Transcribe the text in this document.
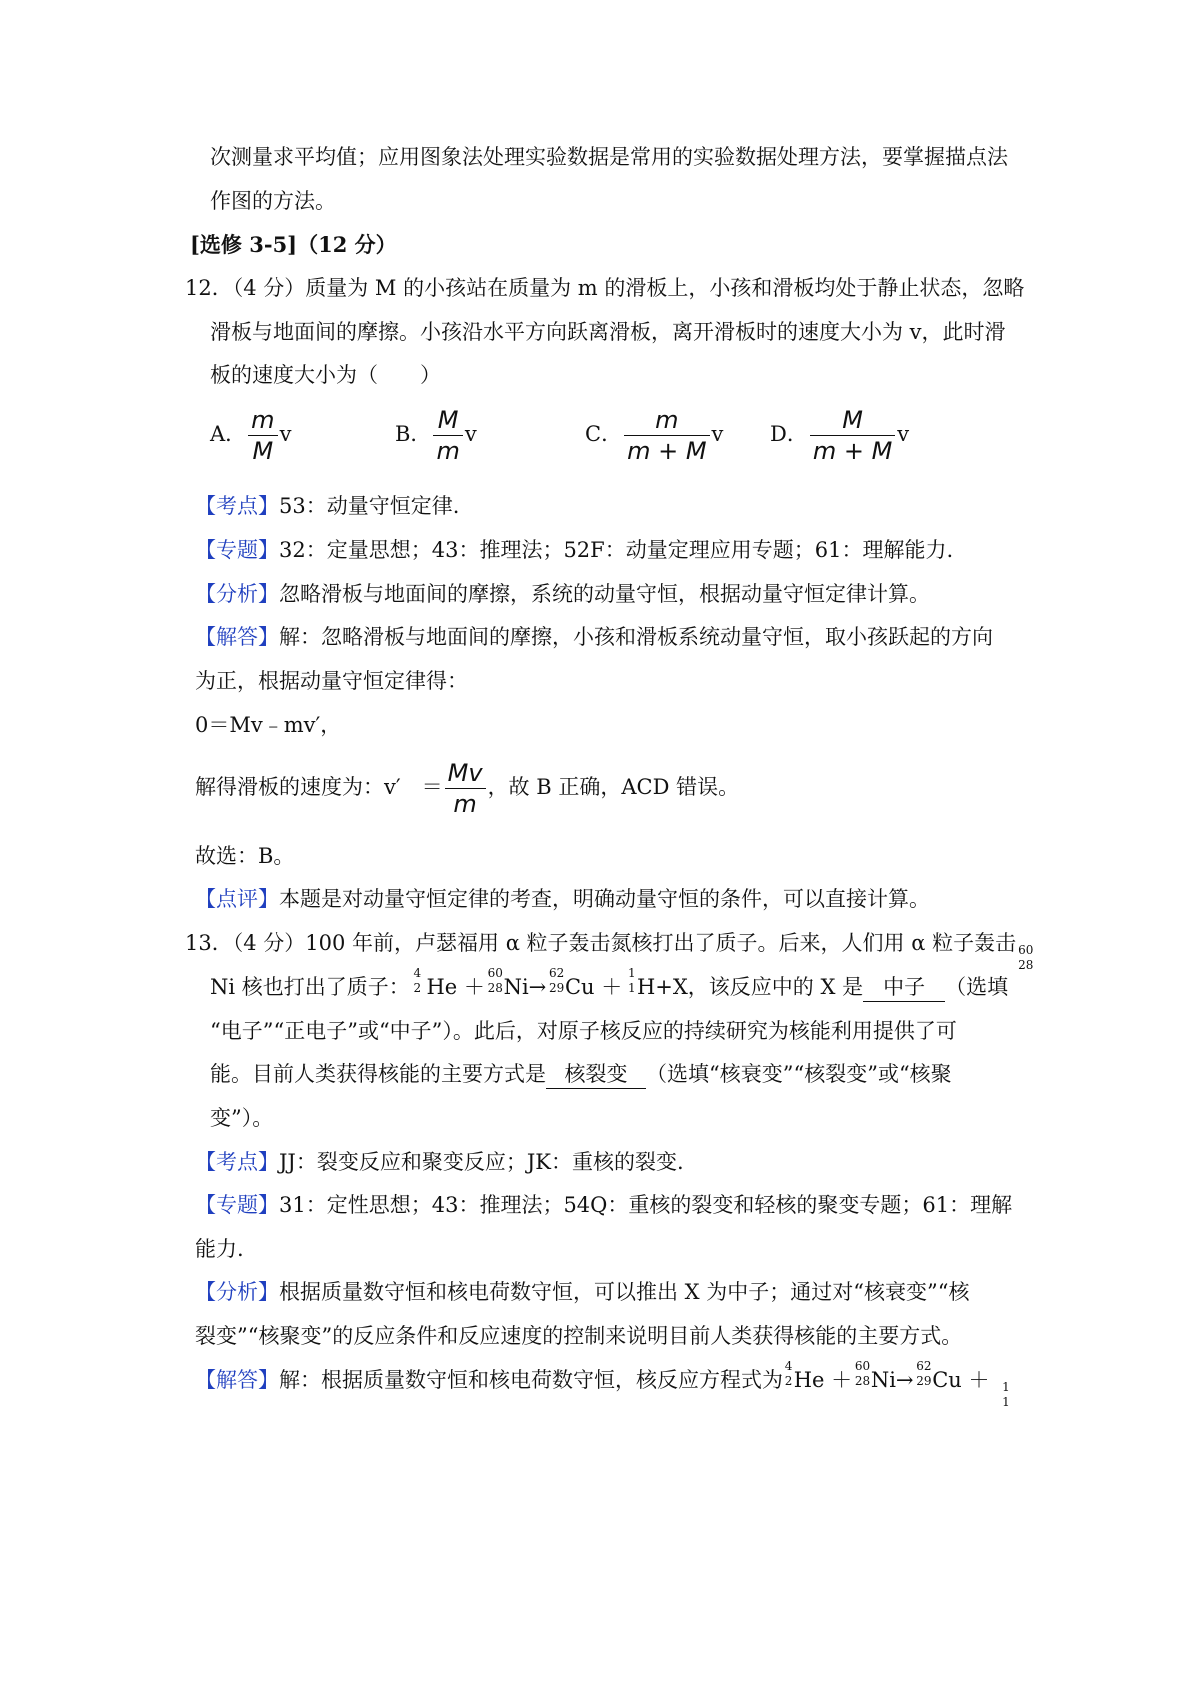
次测量求平均值；应用图象法处理实验数据是常用的实验数据处理方法，要掌握描点法
作图的方法。
[选修 3-5]（12 分）
12．（4 分）质量为 M 的小孩站在质量为 m 的滑板上，小孩和滑板均处于静止状态，忽略
滑板与地面间的摩擦。小孩沿水平方向跃离滑板，离开滑板时的速度大小为 v，此时滑
板的速度大小为（　　）
A． $\frac{m}{M}$ v	B． $\frac{M}{m}$ v	C． $\frac{m}{m + M}$ v D． $\frac{M}{m + M}$ v
【考点】53：动量守恒定律.
【专题】32：定量思想；43：推理法；52F：动量定理应用专题；61：理解能力.
【分析】忽略滑板与地面间的摩擦，系统的动量守恒，根据动量守恒定律计算。
【解答】解：忽略滑板与地面间的摩擦，小孩和滑板系统动量守恒，取小孩跃起的方向
为正，根据动量守恒定律得：
0＝Mv﹣mv′，
解得滑板的速度为：v′　＝ $\frac{Mv}{m}$ ，故 B 正确，ACD 错误。
故选：B。
【点评】本题是对动量守恒定律的考查，明确动量守恒的条件，可以直接计算。
13．（4 分）100 年前，卢瑟福用 α 粒子轰击氮核打出了质子。后来，人们用 α 粒子轰击 60
28
Ni 核也打出了质子：
4
2 He ＋
60
28 Ni→
62
29 Cu ＋
1
1 H+X，该反应中的 X 是 中子 （选填
“电子”“正电子”或“中子”）。此后，对原子核反应的持续研究为核能利用提供了可
能。目前人类获得核能的主要方式是 核裂变 （选填“核衰变”“核裂变”或“核聚
变”）。
【考点】JJ：裂变反应和聚变反应；JK：重核的裂变.
【专题】31：定性思想；43：推理法；54Q：重核的裂变和轻核的聚变专题；61：理解
能力.
【分析】根据质量数守恒和核电荷数守恒，可以推出 X 为中子；通过对“核衰变”“核
裂变”“核聚变”的反应条件和反应速度的控制来说明目前人类获得核能的主要方式。
【解答】解：根据质量数守恒和核电荷数守恒，核反应方程式为
4
2 He ＋
60
28 Ni→
62
29 Cu ＋ 1
1
